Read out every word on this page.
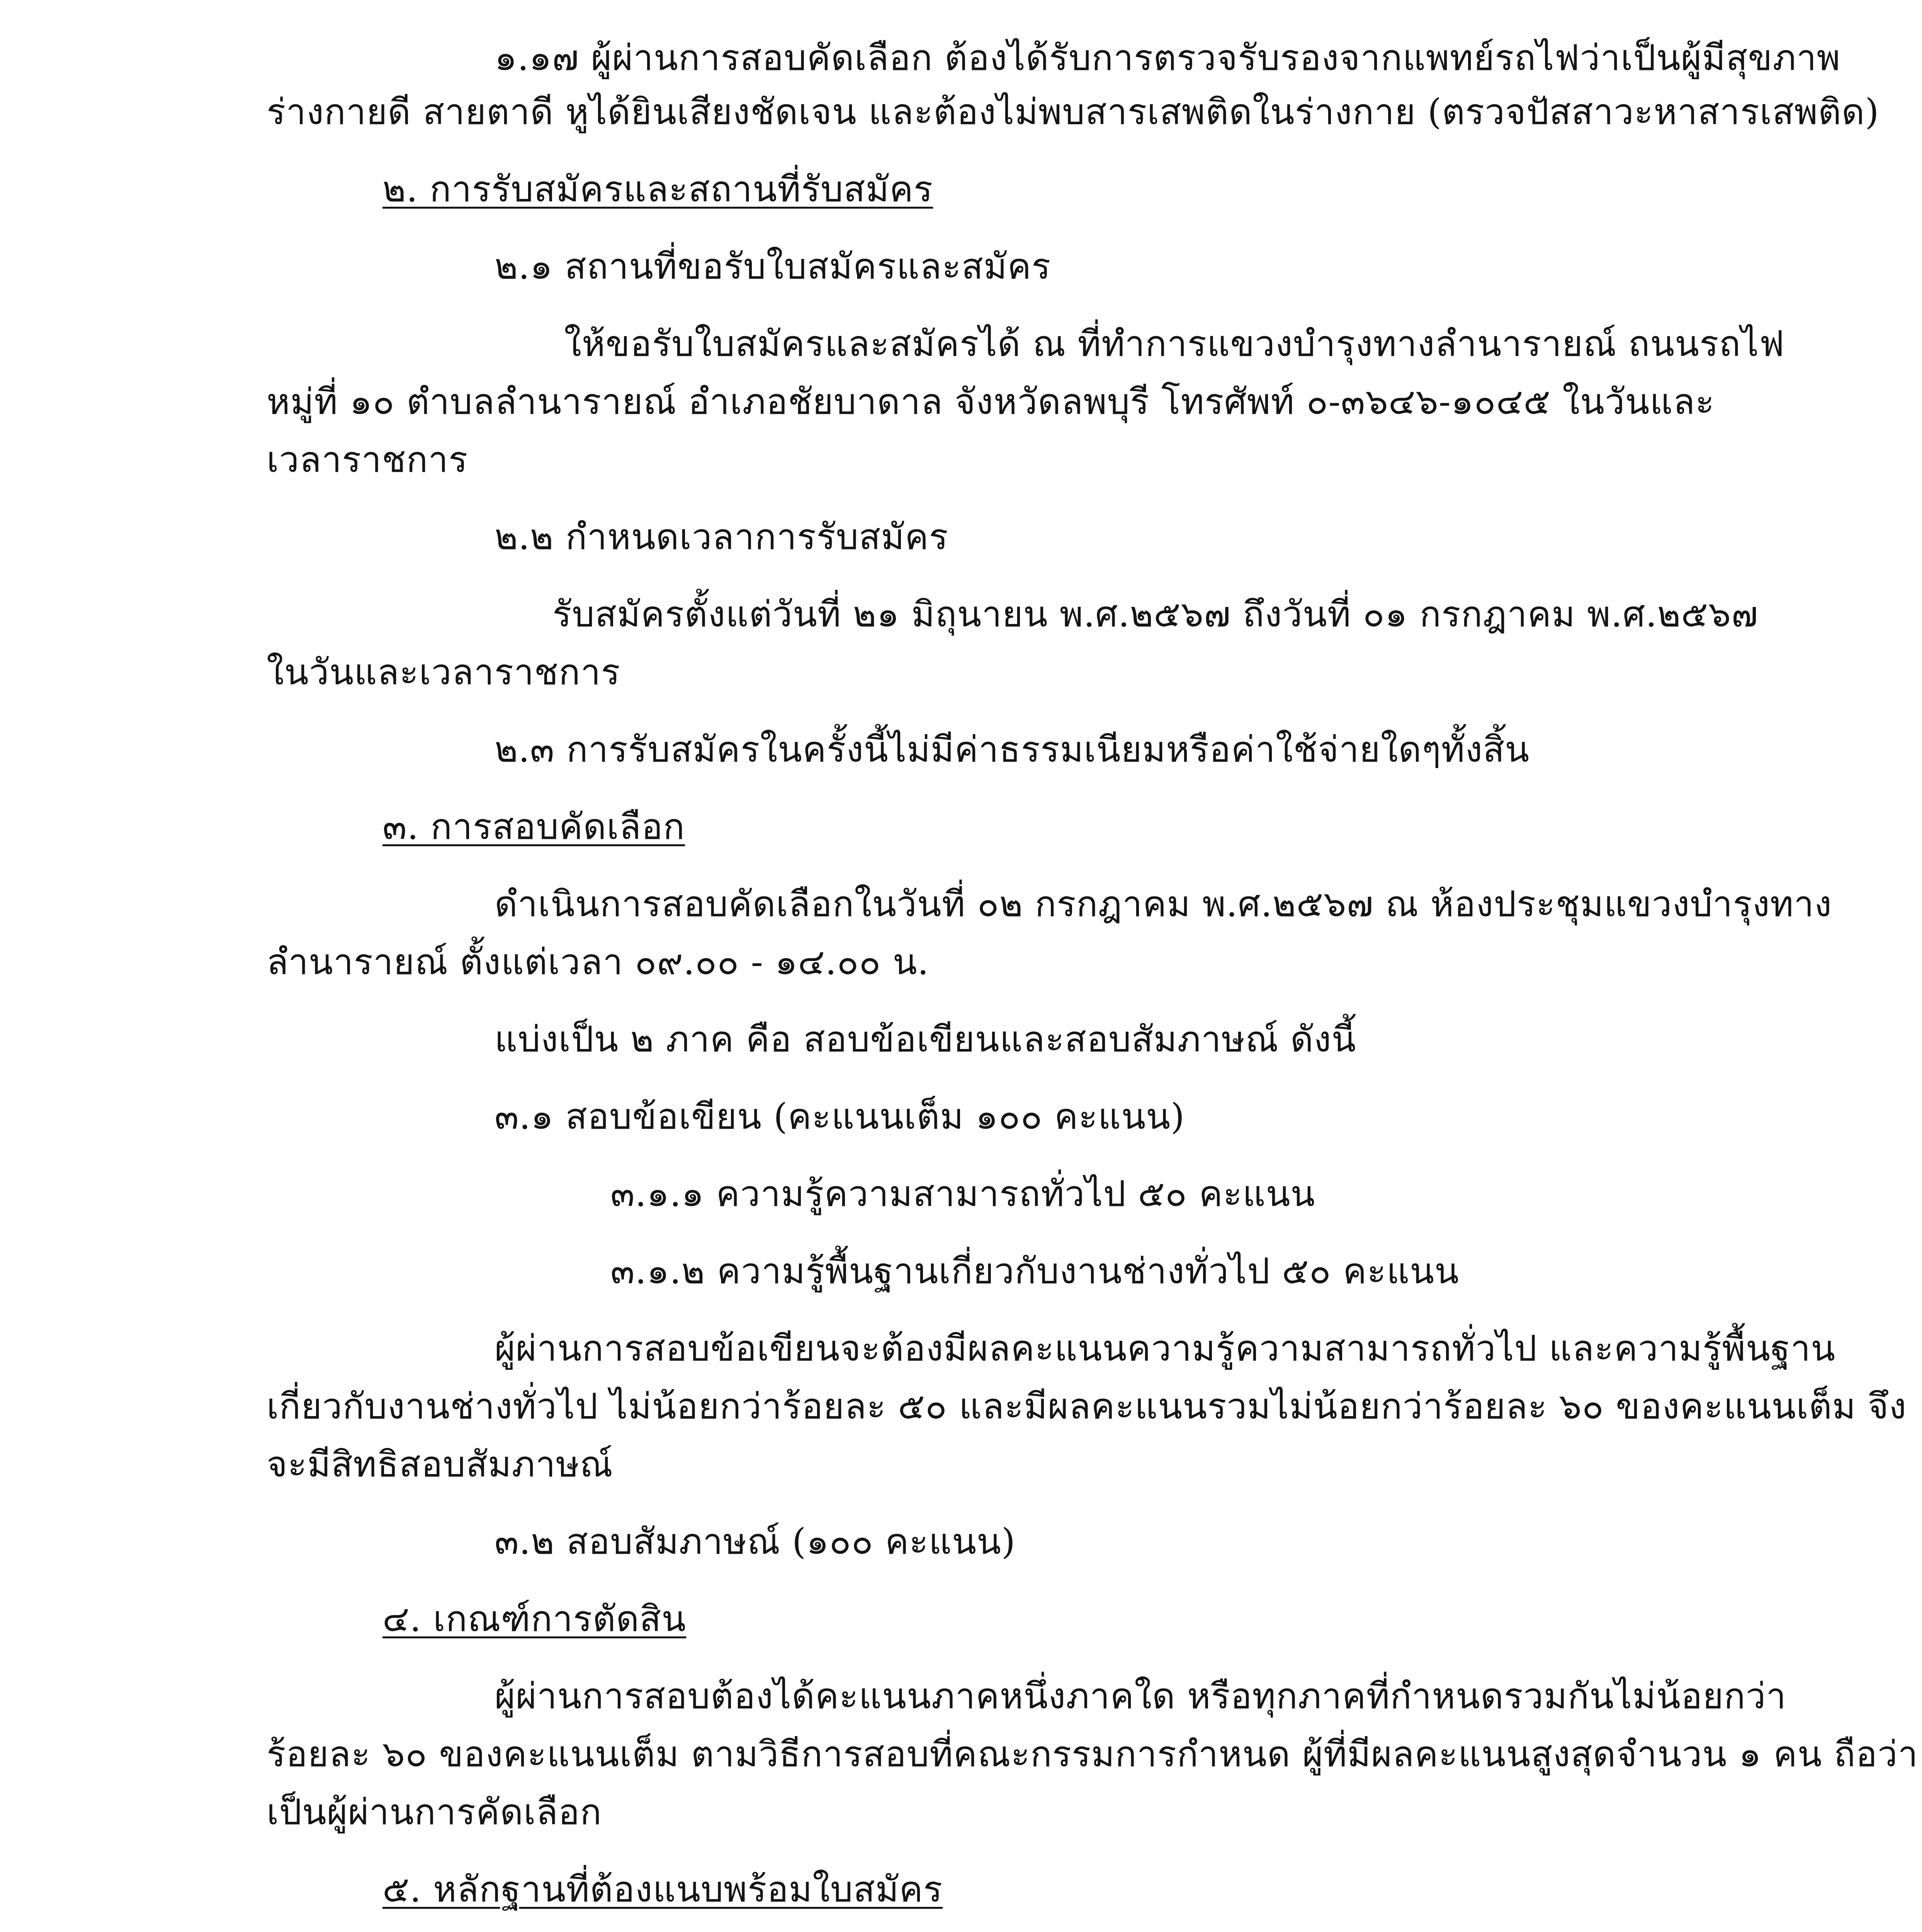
๑.๑๗ ผู้ผ่านการสอบคัดเลือก ต้องได้รับการตรวจรับรองจากแพทย์รถไฟว่าเป็นผู้มีสุขภาพ
ร่างกายดี สายตาดี หูได้ยินเสียงชัดเจน และต้องไม่พบสารเสพติดในร่างกาย (ตรวจปัสสาวะหาสารเสพติด)
๒. การรับสมัครและสถานที่รับสมัคร
๒.๑ สถานที่ขอรับใบสมัครและสมัคร
ให้ขอรับใบสมัครและสมัครได้ ณ ที่ทำการแขวงบำรุงทางลำนารายณ์ ถนนรถไฟ
หมู่ที่ ๑๐ ตำบลลำนารายณ์ อำเภอชัยบาดาล จังหวัดลพบุรี โทรศัพท์ ๐-๓๖๔๖-๑๐๔๕ ในวันและ
เวลาราชการ
๒.๒ กำหนดเวลาการรับสมัคร
รับสมัครตั้งแต่วันที่ ๒๑ มิถุนายน พ.ศ.๒๕๖๗ ถึงวันที่ ๐๑ กรกฎาคม พ.ศ.๒๕๖๗
ในวันและเวลาราชการ
๒.๓ การรับสมัครในครั้งนี้ไม่มีค่าธรรมเนียมหรือค่าใช้จ่ายใดๆทั้งสิ้น
๓. การสอบคัดเลือก
ดำเนินการสอบคัดเลือกในวันที่ ๐๒ กรกฎาคม พ.ศ.๒๕๖๗ ณ ห้องประชุมแขวงบำรุงทาง
ลำนารายณ์ ตั้งแต่เวลา ๐๙.๐๐ - ๑๔.๐๐ น.
แบ่งเป็น ๒ ภาค คือ สอบข้อเขียนและสอบสัมภาษณ์ ดังนี้
๓.๑ สอบข้อเขียน (คะแนนเต็ม ๑๐๐ คะแนน)
๓.๑.๑ ความรู้ความสามารถทั่วไป ๕๐ คะแนน
๓.๑.๒ ความรู้พื้นฐานเกี่ยวกับงานช่างทั่วไป ๕๐ คะแนน
ผู้ผ่านการสอบข้อเขียนจะต้องมีผลคะแนนความรู้ความสามารถทั่วไป และความรู้พื้นฐาน
เกี่ยวกับงานช่างทั่วไป ไม่น้อยกว่าร้อยละ ๕๐ และมีผลคะแนนรวมไม่น้อยกว่าร้อยละ ๖๐ ของคะแนนเต็ม จึง
จะมีสิทธิสอบสัมภาษณ์
๓.๒ สอบสัมภาษณ์ (๑๐๐ คะแนน)
๔. เกณฑ์การตัดสิน
ผู้ผ่านการสอบต้องได้คะแนนภาคหนึ่งภาคใด หรือทุกภาคที่กำหนดรวมกันไม่น้อยกว่า
ร้อยละ ๖๐ ของคะแนนเต็ม ตามวิธีการสอบที่คณะกรรมการกำหนด ผู้ที่มีผลคะแนนสูงสุดจำนวน ๑ คน ถือว่า
เป็นผู้ผ่านการคัดเลือก
๕. หลักฐานที่ต้องแนบพร้อมใบสมัคร
